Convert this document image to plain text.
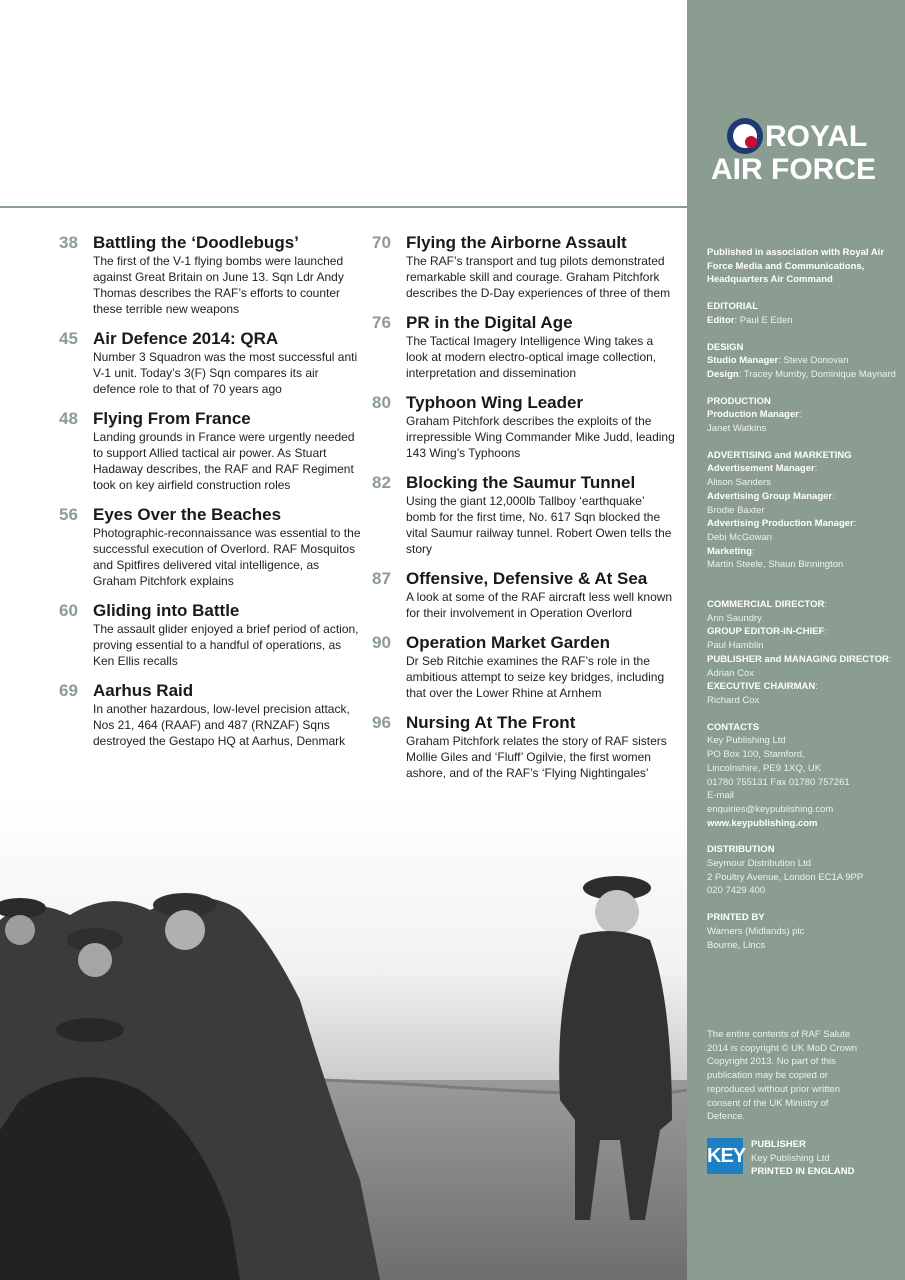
38 Battling the ‘Doodlebugs’
The first of the V-1 flying bombs were launched against Great Britain on June 13. Sqn Ldr Andy Thomas describes the RAF’s efforts to counter these terrible new weapons
45 Air Defence 2014: QRA
Number 3 Squadron was the most successful anti V-1 unit. Today’s 3(F) Sqn compares its air defence role to that of 70 years ago
48 Flying From France
Landing grounds in France were urgently needed to support Allied tactical air power. As Stuart Hadaway describes, the RAF and RAF Regiment took on key airfield construction roles
56 Eyes Over the Beaches
Photographic-reconnaissance was essential to the successful execution of Overlord. RAF Mosquitos and Spitfires delivered vital intelligence, as Graham Pitchfork explains
60 Gliding into Battle
The assault glider enjoyed a brief period of action, proving essential to a handful of operations, as Ken Ellis recalls
69 Aarhus Raid
In another hazardous, low-level precision attack, Nos 21, 464 (RAAF) and 487 (RNZAF) Sqns destroyed the Gestapo HQ at Aarhus, Denmark
70 Flying the Airborne Assault
The RAF’s transport and tug pilots demonstrated remarkable skill and courage. Graham Pitchfork describes the D-Day experiences of three of them
76 PR in the Digital Age
The Tactical Imagery Intelligence Wing takes a look at modern electro-optical image collection, interpretation and dissemination
80 Typhoon Wing Leader
Graham Pitchfork describes the exploits of the irrepressible Wing Commander Mike Judd, leading 143 Wing’s Typhoons
82 Blocking the Saumur Tunnel
Using the giant 12,000lb Tallboy ‘earthquake’ bomb for the first time, No. 617 Sqn blocked the vital Saumur railway tunnel. Robert Owen tells the story
87 Offensive, Defensive & At Sea
A look at some of the RAF aircraft less well known for their involvement in Operation Overlord
90 Operation Market Garden
Dr Seb Ritchie examines the RAF’s role in the ambitious attempt to seize key bridges, including that over the Lower Rhine at Arnhem
96 Nursing At The Front
Graham Pitchfork relates the story of RAF sisters Mollie Giles and ‘Fluff’ Ogilvie, the first women ashore, and of the RAF’s ‘Flying Nightingales’
ROYAL
AIR FORCE
Published in association with Royal Air Force Media and Communications, Headquarters Air Command
EDITORIAL
Editor: Paul E Eden
DESIGN
Studio Manager: Steve Donovan
Design: Tracey Mumby, Dominique Maynard
PRODUCTION
Production Manager:
Janet Watkins
ADVERTISING and MARKETING
Advertisement Manager:
Alison Sanders
Advertising Group Manager:
Brodie Baxter
Advertising Production Manager:
Debi McGowan
Marketing:
Martin Steele, Shaun Binnington
COMMERCIAL DIRECTOR:
Ann Saundry
GROUP EDITOR-IN-CHIEF:
Paul Hamblin
PUBLISHER and MANAGING DIRECTOR: Adrian Cox
EXECUTIVE CHAIRMAN:
Richard Cox
CONTACTS
Key Publishing Ltd
PO Box 100, Stamford,
Lincolnshire, PE9 1XQ, UK
01780 755131 Fax 01780 757261
E-mail
enquiries@keypublishing.com
www.keypublishing.com
DISTRIBUTION
Seymour Distribution Ltd
2 Poultry Avenue, London EC1A 9PP
020 7429 400
PRINTED BY
Warners (Midlands) plc
Bourne, Lincs
The entire contents of RAF Salute 2014 is copyright © UK MoD Crown Copyright 2013. No part of this publication may be copied or reproduced without prior written consent of the UK Ministry of Defence.
KEY
PUBLISHER
Key Publishing Ltd
PRINTED IN ENGLAND
